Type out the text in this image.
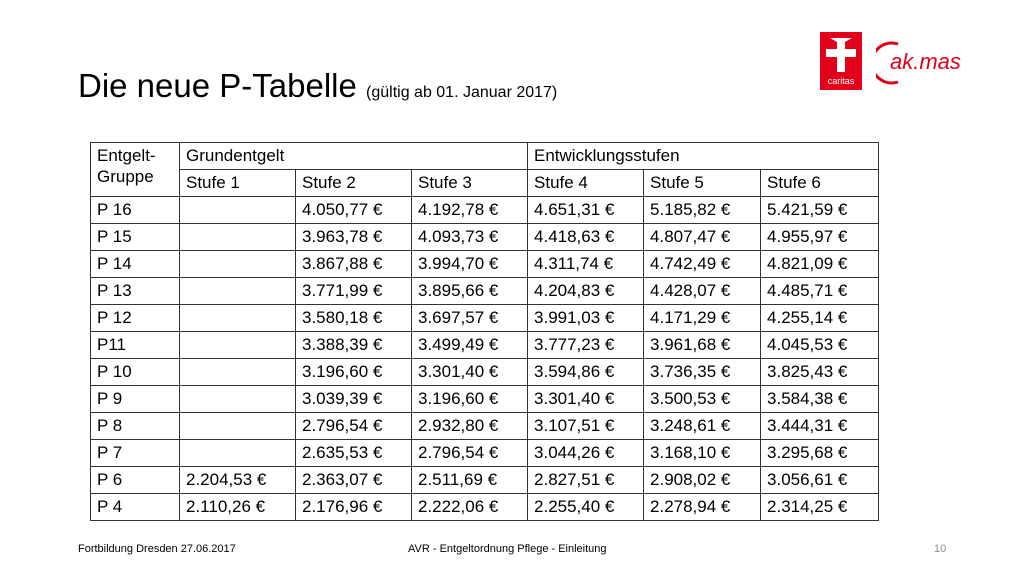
Die neue P-Tabelle (gültig ab 01. Januar 2017)
caritas
ak.mas
Entgelt-
Gruppe	Grundentgelt			Entwicklungsstufen		
	Stufe 1	Stufe 2	Stufe 3	Stufe 4	Stufe 5	Stufe 6
P 16		4.050,77 €	4.192,78 €	4.651,31 €	5.185,82 €	5.421,59 €
P 15		3.963,78 €	4.093,73 €	4.418,63 €	4.807,47 €	4.955,97 €
P 14		3.867,88 €	3.994,70 €	4.311,74 €	4.742,49 €	4.821,09 €
P 13		3.771,99 €	3.895,66 €	4.204,83 €	4.428,07 €	4.485,71 €
P 12		3.580,18 €	3.697,57 €	3.991,03 €	4.171,29 €	4.255,14 €
P11		3.388,39 €	3.499,49 €	3.777,23 €	3.961,68 €	4.045,53 €
P 10		3.196,60 €	3.301,40 €	3.594,86 €	3.736,35 €	3.825,43 €
P 9		3.039,39 €	3.196,60 €	3.301,40 €	3.500,53 €	3.584,38 €
P 8		2.796,54 €	2.932,80 €	3.107,51 €	3.248,61 €	3.444,31 €
P 7		2.635,53 €	2.796,54 €	3.044,26 €	3.168,10 €	3.295,68 €
P 6	2.204,53 €	2.363,07 €	2.511,69 €	2.827,51 €	2.908,02 €	3.056,61 €
P 4	2.110,26 €	2.176,96 €	2.222,06 €	2.255,40 €	2.278,94 €	2.314,25 €
Fortbildung Dresden 27.06.2017	AVR - Entgeltordnung Pflege - Einleitung	10
